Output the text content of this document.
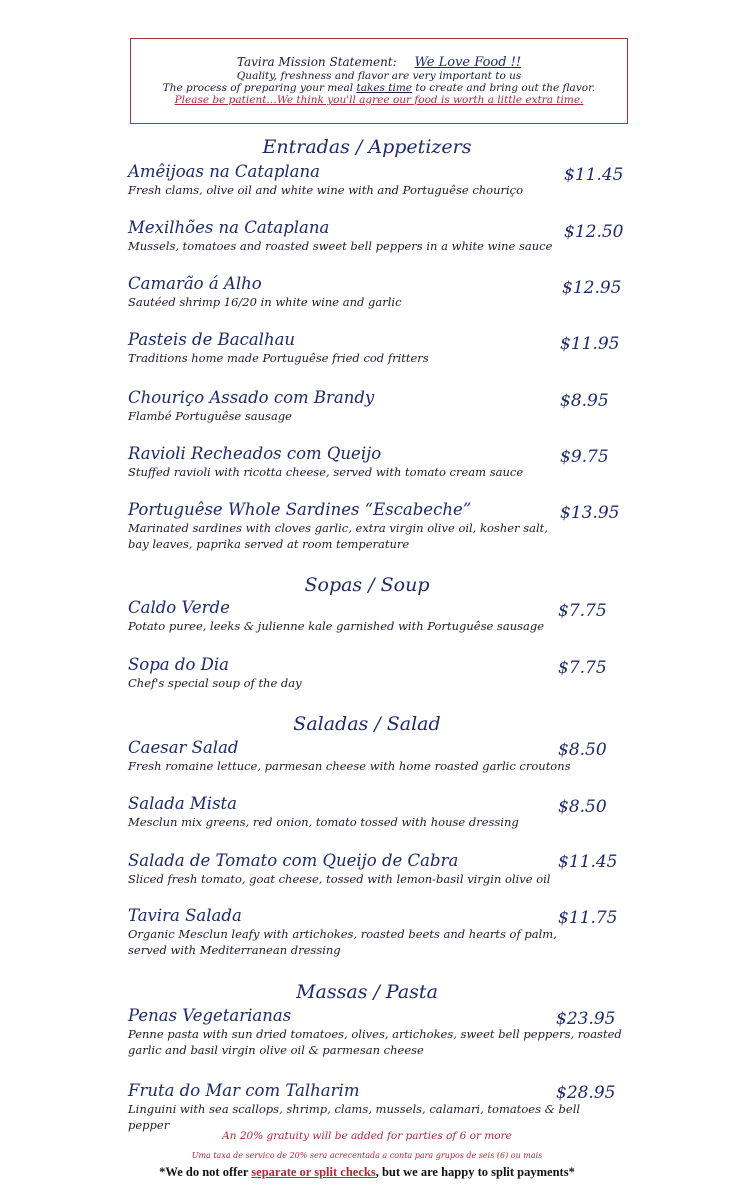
Tavira Mission Statement: We Love Food !!
Quality, freshness and flavor are very important to us
The process of preparing your meal takes time to create and bring out the flavor.
Please be patient…We think you'll agree our food is worth a little extra time.
Entradas / Appetizers
Amêijoas na Cataplana
Fresh clams, olive oil and white wine with and Portuguêse chouriço
$11.45
Mexilhões na Cataplana
Mussels, tomatoes and roasted sweet bell peppers in a white wine sauce
$12.50
Camarão á Alho
Sautéed shrimp 16/20 in white wine and garlic
$12.95
Pasteis de Bacalhau
Traditions home made Portuguêse fried cod fritters
$11.95
Chouriço Assado com Brandy
Flambé Portuguêse sausage
$8.95
Ravioli Recheados com Queijo
Stuffed ravioli with ricotta cheese, served with tomato cream sauce
$9.75
Portuguêse Whole Sardines “Escabeche”
Marinated sardines with cloves garlic, extra virgin olive oil, kosher salt, bay leaves, paprika served at room temperature
$13.95
Sopas / Soup
Caldo Verde
Potato puree, leeks & julienne kale garnished with Portuguêse sausage
$7.75
Sopa do Dia
Chef's special soup of the day
$7.75
Saladas / Salad
Caesar Salad
Fresh romaine lettuce, parmesan cheese with home roasted garlic croutons
$8.50
Salada Mista
Mesclun mix greens, red onion, tomato tossed with house dressing
$8.50
Salada de Tomato com Queijo de Cabra
Sliced fresh tomato, goat cheese, tossed with lemon-basil virgin olive oil
$11.45
Tavira Salada
Organic Mesclun leafy with artichokes, roasted beets and hearts of palm, served with Mediterranean dressing
$11.75
Massas / Pasta
Penas Vegetarianas
Penne pasta with sun dried tomatoes, olives, artichokes, sweet bell peppers, roasted garlic and basil virgin olive oil & parmesan cheese
$23.95
Fruta do Mar com Talharim
Linguini with sea scallops, shrimp, clams, mussels, calamari, tomatoes & bell pepper
$28.95
An 20% gratuity will be added for parties of 6 or more
Uma taxa de servico de 20% sera acrecentada a conta para grupos de seis (6) ou mais
*We do not offer separate or split checks, but we are happy to split payments*
